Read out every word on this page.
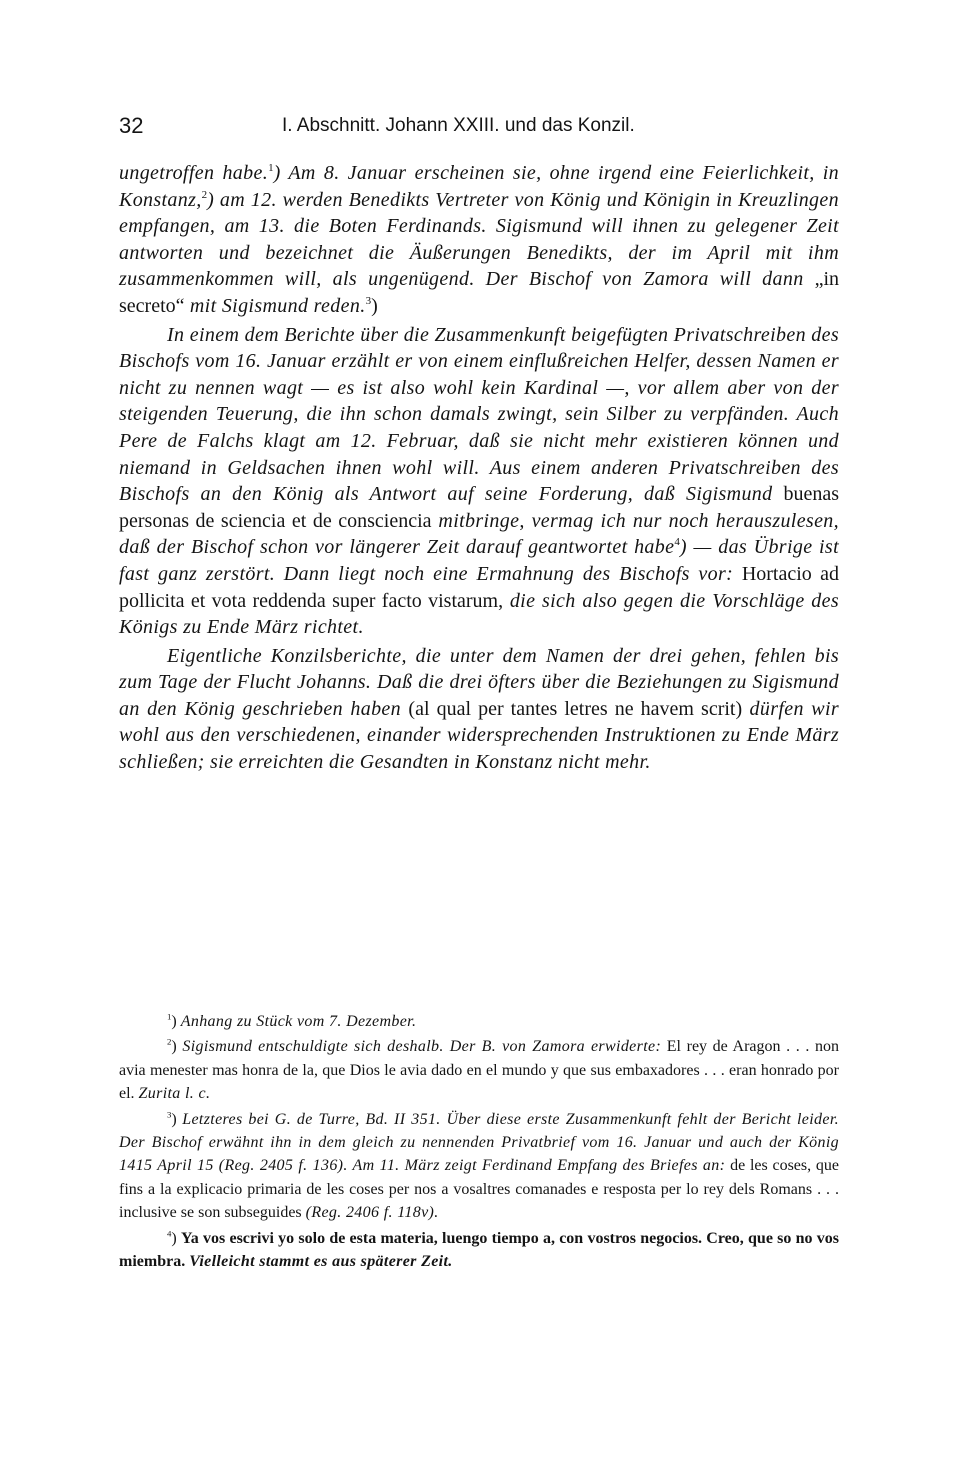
32	I. Abschnitt. Johann XXIII. und das Konzil.

ungetroffen habe.$^1$) Am 8. Januar erscheinen sie, ohne irgend eine Feierlichkeit, in Konstanz,$^2$) am 12. werden Benedikts Vertreter von König und Königin in Kreuzlingen empfangen, am 13. die Boten Ferdinands. Sigismund will ihnen zu gelegener Zeit antworten und bezeichnet die Äußerungen Benedikts, der im April mit ihm zusammenkommen will, als ungenügend. Der Bischof von Zamora will dann „in secreto“ mit Sigismund reden.$^3$)

In einem dem Berichte über die Zusammenkunft beigefügten Privatschreiben des Bischofs vom 16. Januar erzählt er von einem einflußreichen Helfer, dessen Namen er nicht zu nennen wagt — es ist also wohl kein Kardinal —, vor allem aber von der steigenden Teuerung, die ihn schon damals zwingt, sein Silber zu verpfänden. Auch Pere de Falchs klagt am 12. Februar, daß sie nicht mehr existieren können und niemand in Geldsachen ihnen wohl will. Aus einem anderen Privatschreiben des Bischofs an den König als Antwort auf seine Forderung, daß Sigismund buenas personas de sciencia et de consciencia mitbringe, vermag ich nur noch herauszulesen, daß der Bischof schon vor längerer Zeit darauf geantwortet habe$^4$) — das Übrige ist fast ganz zerstört. Dann liegt noch eine Ermahnung des Bischofs vor: Hortacio ad pollicita et vota reddenda super facto vistarum, die sich also gegen die Vorschläge des Königs zu Ende März richtet.

Eigentliche Konzilsberichte, die unter dem Namen der drei gehen, fehlen bis zum Tage der Flucht Johanns. Daß die drei öfters über die Beziehungen zu Sigismund an den König geschrieben haben (al qual per tantes letres ne havem scrit) dürfen wir wohl aus den verschiedenen, einander widersprechenden Instruktionen zu Ende März schließen; sie erreichten die Gesandten in Konstanz nicht mehr.

$^1$) Anhang zu Stück vom 7. Dezember.

$^2$) Sigismund entschuldigte sich deshalb. Der B. von Zamora erwiderte: El rey de Aragon . . . non avia menester mas honra de la, que Dios le avia dado en el mundo y que sus embaxadores . . . eran honrado por el. Zurita l. c.

$^3$) Letzteres bei G. de Turre, Bd. II 351. Über diese erste Zusammenkunft fehlt der Bericht leider. Der Bischof erwähnt ihn in dem gleich zu nennenden Privatbrief vom 16. Januar und auch der König 1415 April 15 (Reg. 2405 f. 136). Am 11. März zeigt Ferdinand Empfang des Briefes an: de les coses, que fins a la explicacio primaria de les coses per nos a vosaltres comanades e resposta per lo rey dels Romans . . . inclusive se son subseguides (Reg. 2406 f. 118v).

$^4$) Ya vos escrivi yo solo de esta materia, luengo tiempo a, con vostros negocios. Creo, que so no vos miembra. Vielleicht stammt es aus späterer Zeit.
